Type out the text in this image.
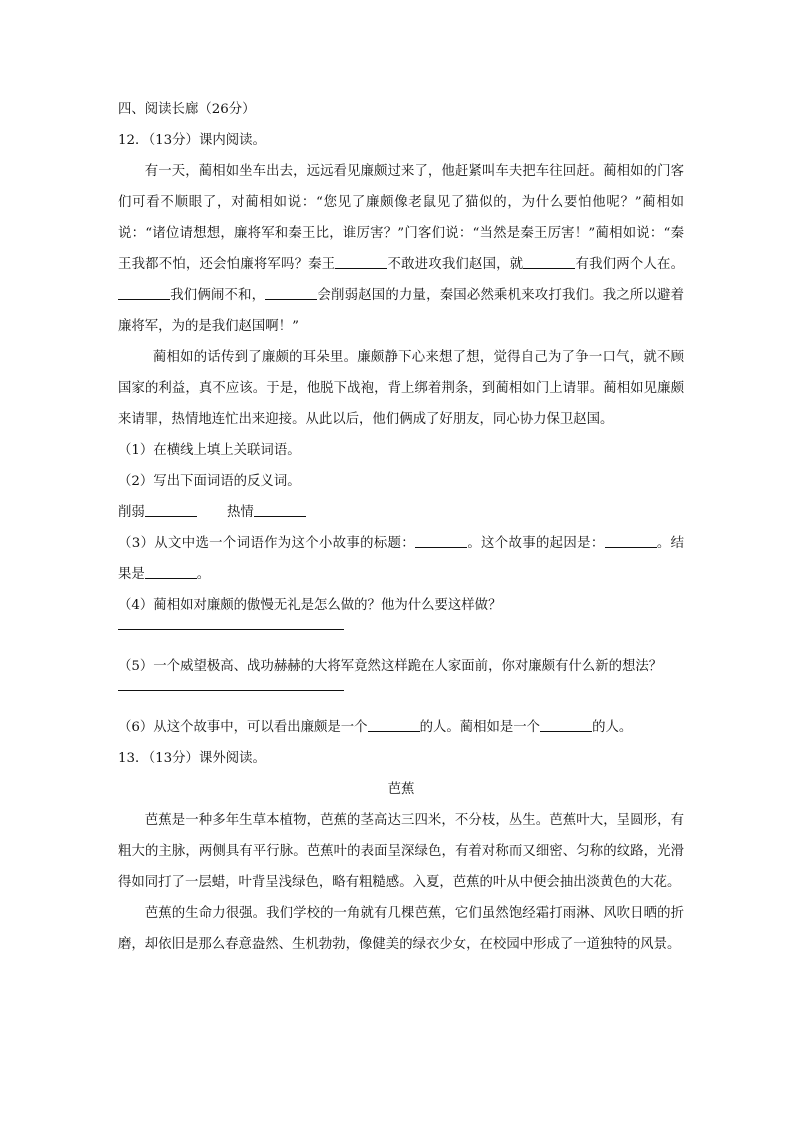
四、阅读长廊（26分）
12．（13分）课内阅读。

有一天，蔺相如坐车出去，远远看见廉颇过来了，他赶紧叫车夫把车往回赶。蔺相如的门客们可看不顺眼了，对蔺相如说：“您见了廉颇像老鼠见了猫似的，为什么要怕他呢？”蔺相如说：“诸位请想想，廉将军和秦王比，谁厉害？”门客们说：“当然是秦王厉害！”蔺相如说：“秦王我都不怕，还会怕廉将军吗？秦王	不敢进攻我们赵国，就	有我们两个人在。我们俩闹不和，	会削弱赵国的力量，秦国必然乘机来攻打我们。我之所以避着廉将军，为的是我们赵国啊！”

蔺相如的话传到了廉颇的耳朵里。廉颇静下心来想了想，觉得自己为了争一口气，就不顾国家的利益，真不应该。于是，他脱下战袍，背上绑着荆条，到蔺相如门上请罪。蔺相如见廉颇来请罪，热情地连忙出来迎接。从此以后，他们俩成了好朋友，同心协力保卫赵国。

（1）在横线上填上关联词语。
（2）写出下面词语的反义词。
削弱	热情

（3）从文中选一个词语作为这个小故事的标题：	。这个故事的起因是：	。结果是	。

（4）蔺相如对廉颇的傲慢无礼是怎么做的？他为什么要这样做？
（5）一个威望极高、战功赫赫的大将军竟然这样跪在人家面前，你对廉颇有什么新的想法？
（6）从这个故事中，可以看出廉颇是一个	的人。蔺相如是一个	的人。
13．（13分）课外阅读。
芭蕉

芭蕉是一种多年生草本植物，芭蕉的茎高达三四米，不分枝，丛生。芭蕉叶大，呈圆形，有粗大的主脉，两侧具有平行脉。芭蕉叶的表面呈深绿色，有着对称而又细密、匀称的纹路，光滑得如同打了一层蜡，叶背呈浅绿色，略有粗糙感。入夏，芭蕉的叶从中便会抽出淡黄色的大花。

芭蕉的生命力很强。我们学校的一角就有几棵芭蕉，它们虽然饱经霜打雨淋、风吹日晒的折磨，却依旧是那么春意盎然、生机勃勃，像健美的绿衣少女，在校园中形成了一道独特的风景。
